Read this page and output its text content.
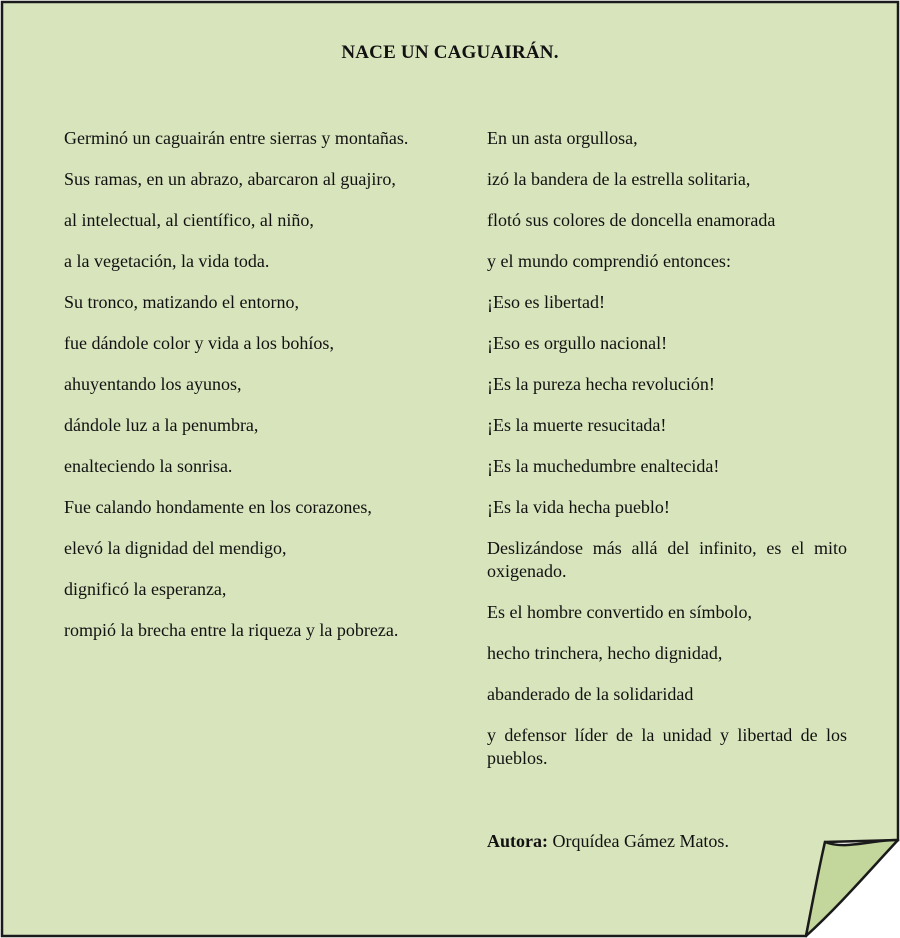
NACE UN CAGUAIRÁN.

Germinó un caguairán entre sierras y montañas.

Sus ramas, en un abrazo, abarcaron al guajiro,

al intelectual, al científico, al niño,

a la vegetación, la vida toda.

Su tronco, matizando el entorno,

fue dándole color y vida a los bohíos,

ahuyentando los ayunos,

dándole luz a la penumbra,

enalteciendo la sonrisa.

Fue calando hondamente en los corazones,

elevó la dignidad del mendigo,

dignificó la esperanza,

rompió la brecha entre la riqueza y la pobreza.

En un asta orgullosa,

izó la bandera de la estrella solitaria,

flotó sus colores de doncella enamorada

y el mundo comprendió entonces:

¡Eso es libertad!

¡Eso es orgullo nacional!

¡Es la pureza hecha revolución!

¡Es la muerte resucitada!

¡Es la muchedumbre enaltecida!

¡Es la vida hecha pueblo!

Deslizándose más allá del infinito, es el mito oxigenado.

Es el hombre convertido en símbolo,

hecho trinchera, hecho dignidad,

abanderado de la solidaridad

y defensor líder de la unidad y libertad de los pueblos.

Autora: Orquídea Gámez Matos.
